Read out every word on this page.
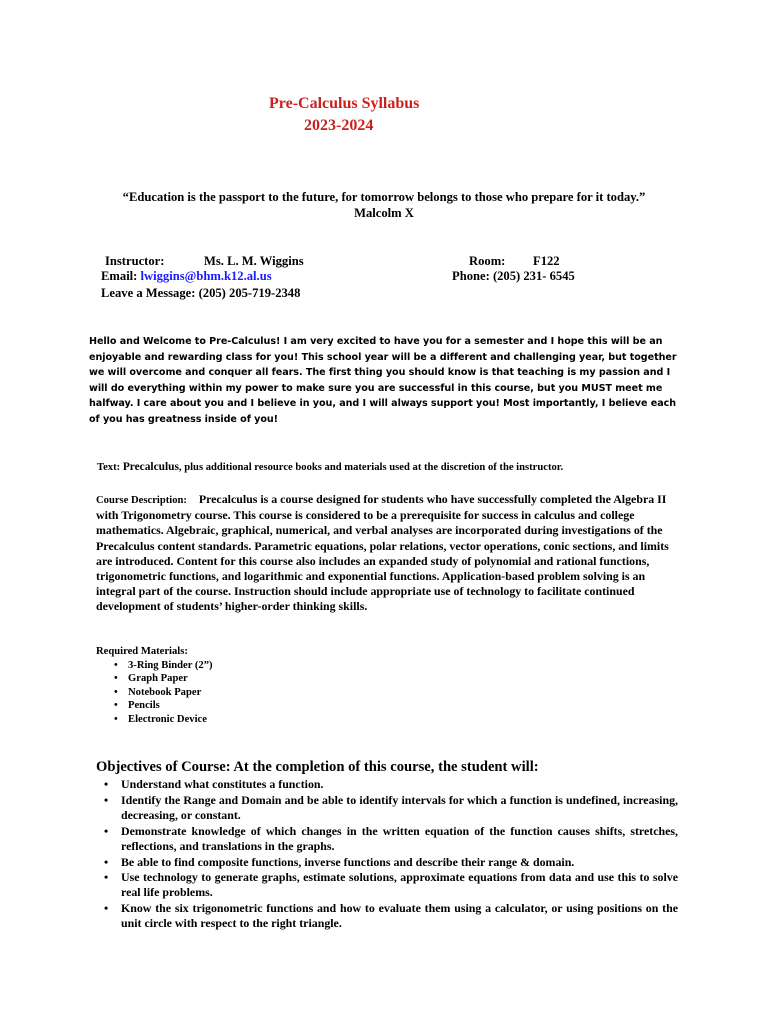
Pre-Calculus Syllabus
2023-2024
“Education is the passport to the future, for tomorrow belongs to those who prepare for it today.”
Malcolm X
Instructor:	Ms. L. M. Wiggins	Room: F122
Email: lwiggins@bhm.k12.al.us	Phone: (205) 231- 6545
Leave a Message: (205) 205-719-2348
Hello and Welcome to Pre-Calculus! I am very excited to have you for a semester and I hope this will be an enjoyable and rewarding class for you! This school year will be a different and challenging year, but together we will overcome and conquer all fears. The first thing you should know is that teaching is my passion and I will do everything within my power to make sure you are successful in this course, but you MUST meet me halfway. I care about you and I believe in you, and I will always support you! Most importantly, I believe each of you has greatness inside of you!
Text: Precalculus, plus additional resource books and materials used at the discretion of the instructor.
Course Description: Precalculus is a course designed for students who have successfully completed the Algebra II with Trigonometry course. This course is considered to be a prerequisite for success in calculus and college mathematics. Algebraic, graphical, numerical, and verbal analyses are incorporated during investigations of the Precalculus content standards. Parametric equations, polar relations, vector operations, conic sections, and limits are introduced. Content for this course also includes an expanded study of polynomial and rational functions, trigonometric functions, and logarithmic and exponential functions. Application-based problem solving is an integral part of the course. Instruction should include appropriate use of technology to facilitate continued development of students’ higher-order thinking skills.
Required Materials:
• 3-Ring Binder (2”)
• Graph Paper
• Notebook Paper
• Pencils
• Electronic Device
Objectives of Course: At the completion of this course, the student will:
• Understand what constitutes a function.
• Identify the Range and Domain and be able to identify intervals for which a function is undefined, increasing, decreasing, or constant.
• Demonstrate knowledge of which changes in the written equation of the function causes shifts, stretches, reflections, and translations in the graphs.
• Be able to find composite functions, inverse functions and describe their range & domain.
• Use technology to generate graphs, estimate solutions, approximate equations from data and use this to solve real life problems.
• Know the six trigonometric functions and how to evaluate them using a calculator, or using positions on the unit circle with respect to the right triangle.
